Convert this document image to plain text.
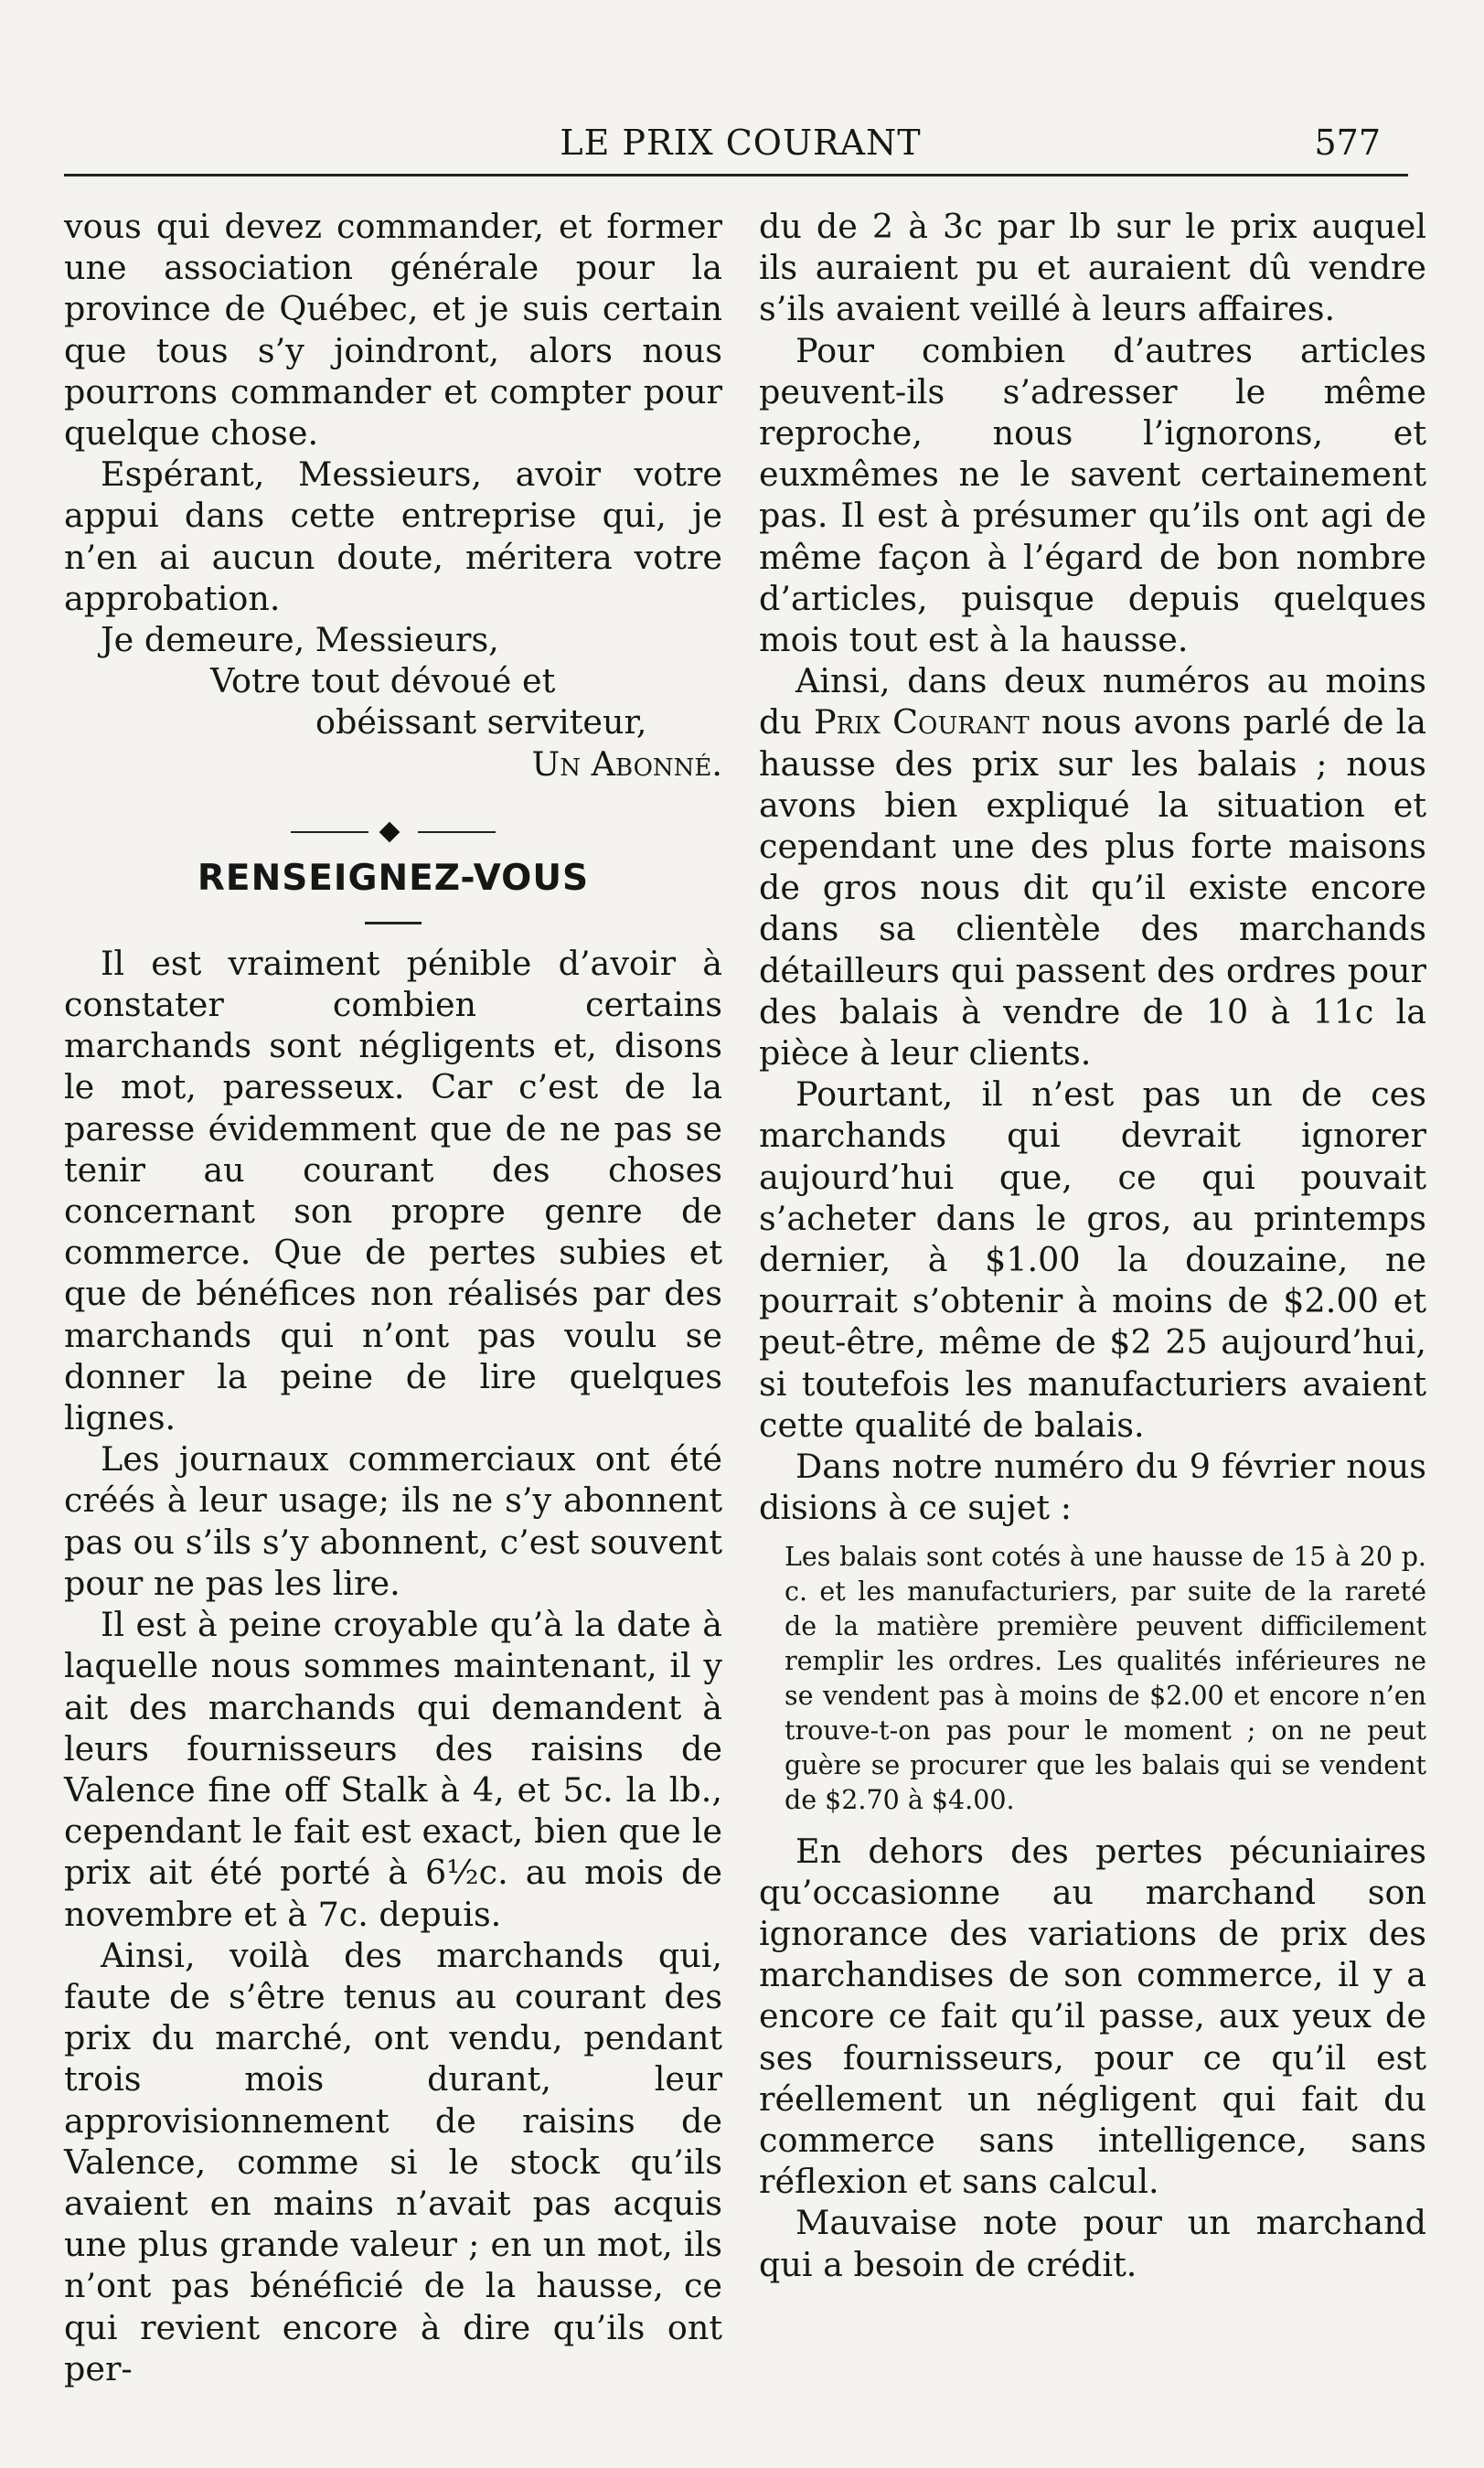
LE PRIX COURANT	577

vous qui devez commander, et former une association générale pour la province de Québec, et je suis certain que tous s’y joindront, alors nous pourrons commander et compter pour quelque chose.

Espérant, Messieurs, avoir votre appui dans cette entreprise qui, je n’en ai aucun doute, méritera votre approbation.

Je demeure, Messieurs,
Votre tout dévoué et
obéissant serviteur,
Un Abonné.
RENSEIGNEZ-VOUS

Il est vraiment pénible d’avoir à constater combien certains marchands sont négligents et, disons le mot, paresseux. Car c’est de la paresse évidemment que de ne pas se tenir au courant des choses concernant son propre genre de commerce. Que de pertes subies et que de bénéfices non réalisés par des marchands qui n’ont pas voulu se donner la peine de lire quelques lignes.

Les journaux commerciaux ont été créés à leur usage; ils ne s’y abonnent pas ou s’ils s’y abonnent, c’est souvent pour ne pas les lire.

Il est à peine croyable qu’à la date à laquelle nous sommes maintenant, il y ait des marchands qui demandent à leurs fournisseurs des raisins de Valence fine off Stalk à 4, et 5c. la lb., cependant le fait est exact, bien que le prix ait été porté à 6½c. au mois de novembre et à 7c. depuis.

Ainsi, voilà des marchands qui, faute de s’être tenus au courant des prix du marché, ont vendu, pendant trois mois durant, leur approvisionnement de raisins de Valence, comme si le stock qu’ils avaient en mains n’avait pas acquis une plus grande valeur ; en un mot, ils n’ont pas bénéficié de la hausse, ce qui revient encore à dire qu’ils ont per-

du de 2 à 3c par lb sur le prix auquel ils auraient pu et auraient dû vendre s’ils avaient veillé à leurs affaires.

Pour combien d’autres articles peuvent-ils s’adresser le même reproche, nous l’ignorons, et euxmêmes ne le savent certainement pas. Il est à présumer qu’ils ont agi de même façon à l’égard de bon nombre d’articles, puisque depuis quelques mois tout est à la hausse.

Ainsi, dans deux numéros au moins du Prix Courant nous avons parlé de la hausse des prix sur les balais ; nous avons bien expliqué la situation et cependant une des plus forte maisons de gros nous dit qu’il existe encore dans sa clientèle des marchands détailleurs qui passent des ordres pour des balais à vendre de 10 à 11c la pièce à leur clients.

Pourtant, il n’est pas un de ces marchands qui devrait ignorer aujourd’hui que, ce qui pouvait s’acheter dans le gros, au printemps dernier, à $1.00 la douzaine, ne pourrait s’obtenir à moins de $2.00 et peut-être, même de $2 25 aujourd’hui, si toutefois les manufacturiers avaient cette qualité de balais.

Dans notre numéro du 9 février nous disions à ce sujet :

Les balais sont cotés à une hausse de 15 à 20 p. c. et les manufacturiers, par suite de la rareté de la matière première peuvent difficilement remplir les ordres. Les qualités inférieures ne se vendent pas à moins de $2.00 et encore n’en trouve-t-on pas pour le moment ; on ne peut guère se procurer que les balais qui se vendent de $2.70 à $4.00.

En dehors des pertes pécuniaires qu’occasionne au marchand son ignorance des variations de prix des marchandises de son commerce, il y a encore ce fait qu’il passe, aux yeux de ses fournisseurs, pour ce qu’il est réellement un négligent qui fait du commerce sans intelligence, sans réflexion et sans calcul.

Mauvaise note pour un marchand qui a besoin de crédit.
